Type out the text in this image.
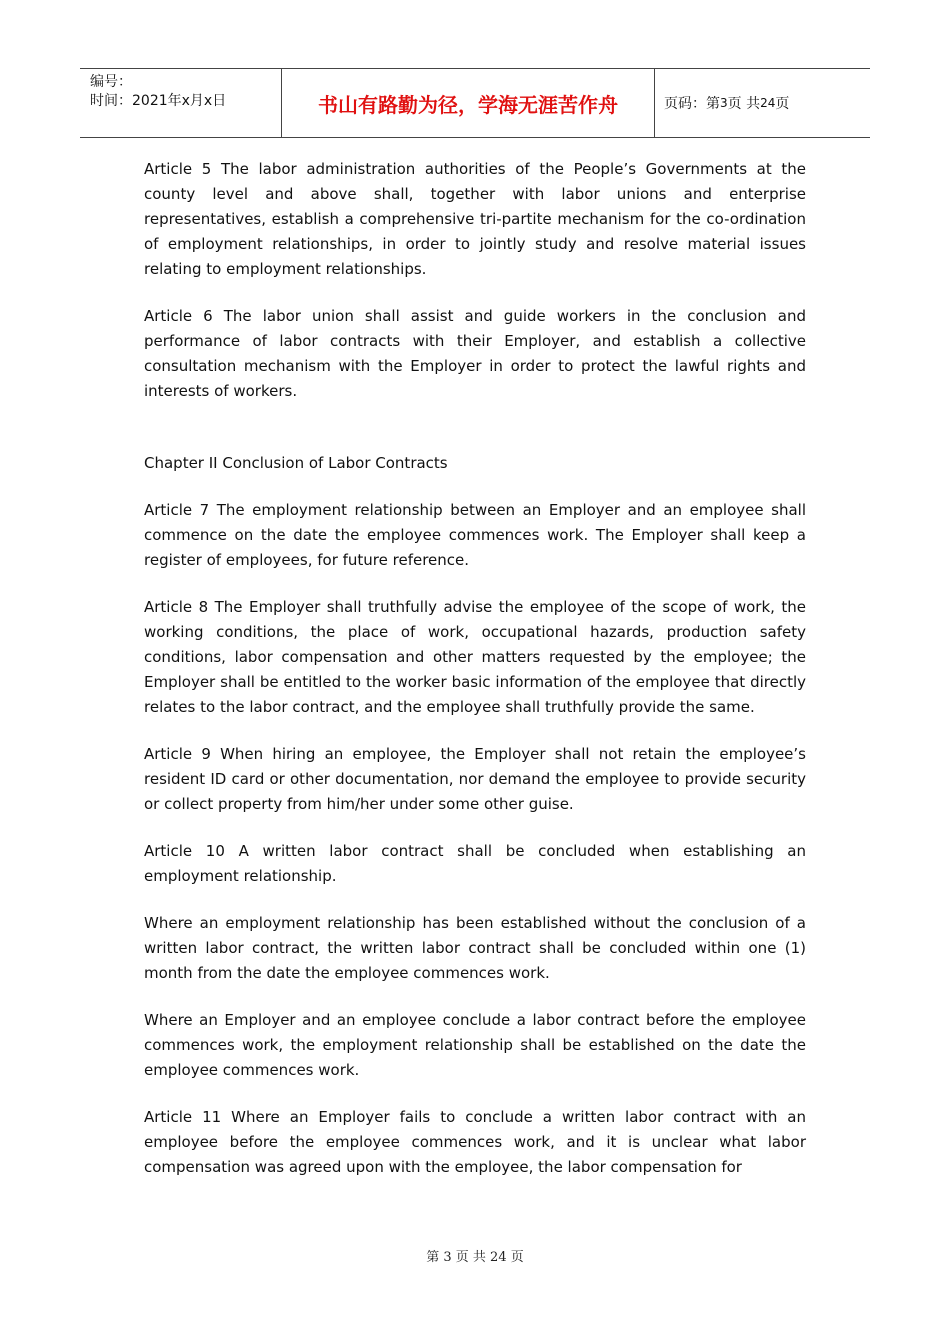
编号：
时间：2021年x月x日	书山有路勤为径，学海无涯苦作舟	页码：第 3 页 共 24 页

Article 5 The labor administration authorities of the People’s Governments at the county level and above shall, together with labor unions and enterprise representatives, establish a comprehensive tri-partite mechanism for the co-ordination of employment relationships, in order to jointly study and resolve material issues relating to employment relationships.

Article 6 The labor union shall assist and guide workers in the conclusion and performance of labor contracts with their Employer, and establish a collective consultation mechanism with the Employer in order to protect the lawful rights and interests of workers.

Chapter II Conclusion of Labor Contracts

Article 7 The employment relationship between an Employer and an employee shall commence on the date the employee commences work. The Employer shall keep a register of employees, for future reference.

Article 8 The Employer shall truthfully advise the employee of the scope of work, the working conditions, the place of work, occupational hazards, production safety conditions, labor compensation and other matters requested by the employee; the Employer shall be entitled to the worker basic information of the employee that directly relates to the labor contract, and the employee shall truthfully provide the same.

Article 9 When hiring an employee, the Employer shall not retain the employee’s resident ID card or other documentation, nor demand the employee to provide security or collect property from him/her under some other guise.

Article 10 A written labor contract shall be concluded when establishing an employment relationship.

Where an employment relationship has been established without the conclusion of a written labor contract, the written labor contract shall be concluded within one (1) month from the date the employee commences work.

Where an Employer and an employee conclude a labor contract before the employee commences work, the employment relationship shall be established on the date the employee commences work.

Article 11 Where an Employer fails to conclude a written labor contract with an employee before the employee commences work, and it is unclear what labor compensation was agreed upon with the employee, the labor compensation for

第 3 页 共 24 页
